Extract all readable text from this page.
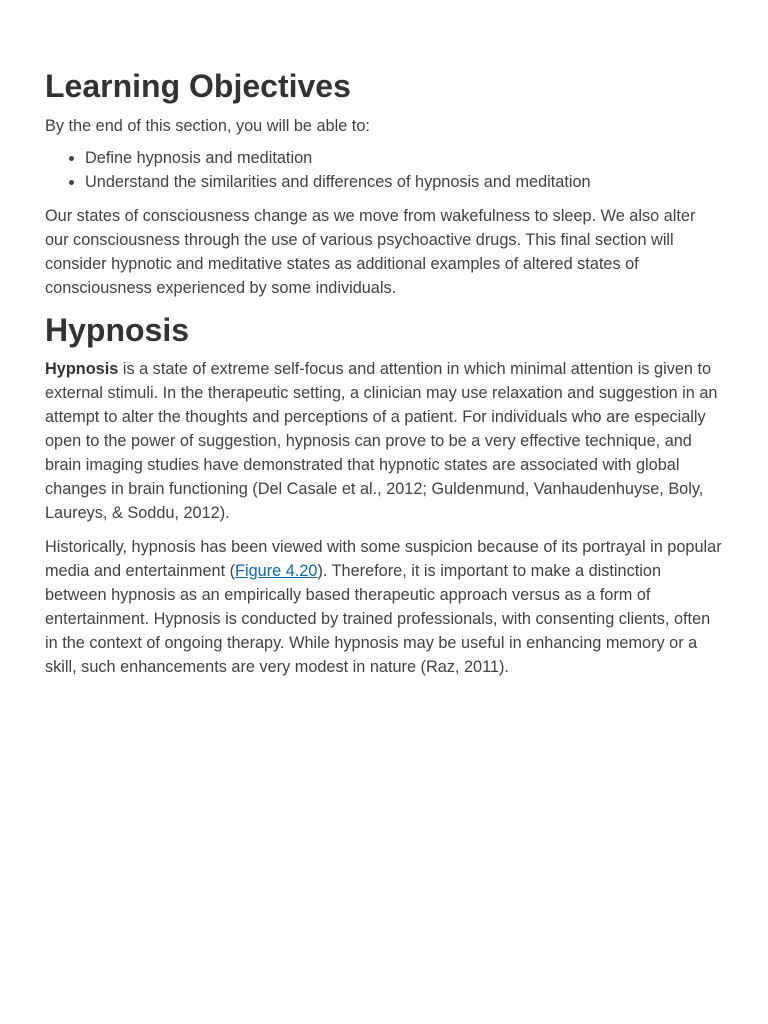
Learning Objectives

By the end of this section, you will be able to:

• Define hypnosis and meditation
• Understand the similarities and differences of hypnosis and meditation

Our states of consciousness change as we move from wakefulness to sleep. We also alter our consciousness through the use of various psychoactive drugs. This final section will consider hypnotic and meditative states as additional examples of altered states of consciousness experienced by some individuals.

Hypnosis

Hypnosis is a state of extreme self-focus and attention in which minimal attention is given to external stimuli. In the therapeutic setting, a clinician may use relaxation and suggestion in an attempt to alter the thoughts and perceptions of a patient. For individuals who are especially open to the power of suggestion, hypnosis can prove to be a very effective technique, and brain imaging studies have demonstrated that hypnotic states are associated with global changes in brain functioning (Del Casale et al., 2012; Guldenmund, Vanhaudenhuyse, Boly, Laureys, & Soddu, 2012).

Historically, hypnosis has been viewed with some suspicion because of its portrayal in popular media and entertainment (Figure 4.20). Therefore, it is important to make a distinction between hypnosis as an empirically based therapeutic approach versus as a form of entertainment. Hypnosis is conducted by trained professionals, with consenting clients, often in the context of ongoing therapy. While hypnosis may be useful in enhancing memory or a skill, such enhancements are very modest in nature (Raz, 2011).
